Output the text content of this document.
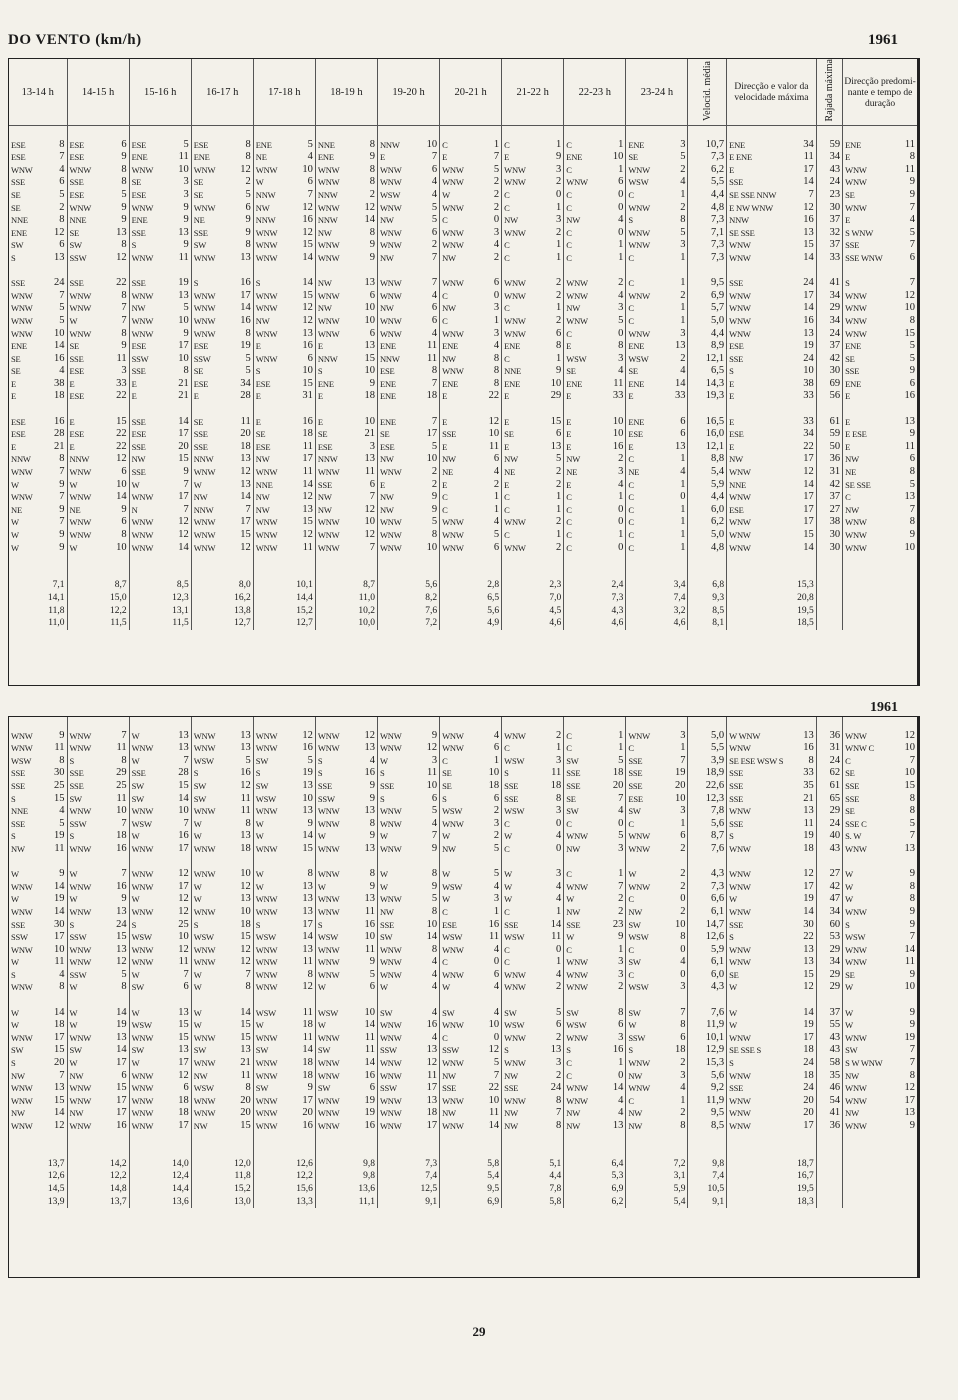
DO VENTO (km/h)	1961
13-14 h	14-15 h	15-16 h	16-17 h	17-18 h	18-19 h	19-20 h	20-21 h	21-22 h	22-23 h	23-24 h	Velocid. média	Direcção e valor da velocidade máxima	Rajada máxima	Direcção predomi- nante e tempo de duração

ESE 8	ESE 6	ESE 5	ESE 8	ENE 5	NNE 8	NNW 10	C 1	C 1	C 1	ENE 3	10,7	ENE 34	59	ENE 11

ESE 7	ESE 9	ENE 11	ENE 8	NE 4	ENE 9	E 7	E 7	E 9	ENE 10	SE 5	7,3	E ENE 11	34	E 8

WNW 4	WNW 8	WNW 10	WNW 12	WNW 10	WNW 8	WNW 6	WNW 5	WNW 3	C 1	WNW 2	6,2	E 17	43	WNW 11

SSE 6	SSE 8	SE 3	SE 2	W 6	WNW 8	WNW 4	WNW 2	WNW 2	WNW 6	WSW 4	5,5	SSE 14	24	WNW 9

SE 5	ESE 5	ESE 3	SE 5	NNW 7	NNW 2	WSW 4	W 2	C 0	C 0	C 1	4,4	SE SSE NNW 7	23	SE 9

SE 2	WNW 9	WNW 9	WNW 6	NW 12	WNW 12	WNW 5	WNW 2	C 1	C 0	WNW 2	4,8	E NW WNW 12	30	WNW 7

NNE 8	NNE 9	ENE 9	NE 9	NNW 16	NNW 14	NW 5	C 0	NW 3	NW 4	S 8	7,3	NNW 16	37	E 4

ENE 12	SE 13	SSE 13	SSE 9	WNW 12	NW 8	WNW 6	WNW 3	WNW 2	C 0	WNW 5	7,1	SE SSE 13	32	S WNW 5

SW 6	SW 8	S 9	SW 8	WNW 15	WNW 9	WNW 2	WNW 4	C 1	C 1	WNW 3	7,3	WNW 15	37	SSE 7

S 13	SSW 12	WNW 11	WNW 13	WNW 14	WNW 9	NW 7	NW 2	C 1	C 1	C 1	7,3	WNW 14	33	SSE WNW 6

SSE 24	SSE 22	SSE 19	S 16	S 14	NW 13	WNW 7	WNW 6	WNW 2	WNW 2	C 1	9,5	SSE 24	41	S 7

WNW 7	WNW 8	WNW 13	WNW 17	WNW 15	WNW 6	WNW 4	C 0	WNW 2	WNW 4	WNW 2	6,9	WNW 17	34	WNW 12

WNW 5	WNW 7	NW 5	WNW 14	WNW 12	NW 10	NW 6	NW 3	C 1	NW 3	C 1	5,7	WNW 14	29	WNW 10

WNW 5	W 7	WNW 10	WNW 16	NW 12	WNW 10	WNW 6	C 1	WNW 2	WNW 5	C 1	5,0	WNW 16	34	WNW 8

WNW 10	WNW 8	WNW 9	WNW 8	WNW 13	WNW 6	WNW 4	WNW 3	WNW 6	C 0	WNW 3	4,4	WNW 13	24	WNW 15

ENE 14	SE 9	ESE 17	ESE 19	E 16	E 13	ENE 11	ENE 4	ENE 8	E 8	ENE 13	8,9	ESE 19	37	ENE 5

SE 16	SSE 11	SSW 10	SSW 5	WNW 6	NNW 15	NNW 11	NW 8	C 1	WSW 3	WSW 2	12,1	SSE 24	42	SE 5

SE 4	ESE 3	SSE 8	SE 5	S 10	S 10	ESE 8	WNW 8	NNE 9	SE 4	SE 4	6,5	S 10	30	SSE 9

E 38	E 33	E 21	ESE 34	ESE 15	ENE 9	ENE 7	ENE 8	ENE 10	ENE 11	ENE 14	14,3	E 38	69	ENE 6

E 18	ESE 22	E 21	E 28	E 31	E 18	ENE 18	E 22	E 29	E 33	E 33	19,3	E 33	56	E 16

ESE 16	E 15	SSE 14	SE 11	E 16	E 10	ENE 7	E 12	E 15	E 10	ENE 6	16,5	E 33	61	E 13

ESE 28	ESE 22	ESE 17	SSE 20	SE 18	SE 21	SE 17	SSE 10	SE 6	E 10	ESE 6	16,0	ESE 34	59	E ESE 9

E 21	E 22	SSE 20	SSE 18	ESE 11	ESE 3	ESE 5	E 11	E 13	E 16	E 13	12,1	E 22	50	E 11

NNW 8	NNW 12	NW 15	NNW 13	NW 17	NNW 13	NW 10	NW 6	NW 5	NW 2	C 1	8,8	NW 17	36	NW 6

WNW 7	WNW 6	SSE 9	WNW 12	WNW 11	WNW 11	WNW 2	NE 4	NE 2	NE 3	NE 4	5,4	WNW 12	31	NE 8

W 9	W 10	W 7	W 13	NNE 14	SSE 6	E 2	E 2	E 2	E 4	C 1	5,9	NNE 14	42	SE SSE 5

WNW 7	WNW 14	WNW 17	NW 14	NW 12	NW 7	NW 9	C 1	C 1	C 1	C 0	4,4	WNW 17	37	C 13

NE 9	NE 9	N 7	NNW 7	NW 13	NW 12	NW 9	C 1	C 1	C 0	C 1	6,0	ESE 17	27	NW 7

W 7	WNW 6	WNW 12	WNW 17	WNW 15	WNW 10	WNW 5	WNW 4	WNW 2	C 0	C 1	6,2	WNW 17	38	WNW 8

W 9	WNW 8	WNW 12	WNW 15	WNW 12	WNW 12	WNW 8	WNW 5	C 1	C 1	C 1	5,0	WNW 15	30	WNW 9

W 9	W 10	WNW 14	WNW 12	WNW 11	WNW 7	WNW 10	WNW 6	WNW 2	C 0	C 1	4,8	WNW 14	30	WNW 10

7,1	8,7	8,5	8,0	10,1	8,7	5,6	2,8	2,3	2,4	3,4	6,8	15,3		
14,1	15,0	12,3	16,2	14,4	11,0	8,2	6,5	7,0	7,3	7,4	9,3	20,8		
11,8	12,2	13,1	13,8	15,2	10,2	7,6	5,6	4,5	4,3	3,2	8,5	19,5		
11,0	11,5	11,5	12,7	12,7	10,0	7,2	4,9	4,6	4,6	4,6	8,1	18,5		
1961

WNW 9	WNW 7	W 13	WNW 13	WNW 12	WNW 12	WNW 9	WNW 4	WNW 2	C 1	WNW 3	5,0	W WNW 13	36	WNW 12

WNW 11	WNW 11	WNW 13	WNW 13	WNW 16	WNW 13	WNW 12	WNW 6	C 1	C 1	C 1	5,5	WNW 16	31	WNW C 10

WSW 8	S 8	W 7	WSW 5	SW 5	S 4	W 3	C 1	WSW 3	SW 5	SSE 7	3,9	SE ESE WSW S 8	24	C 7

SSE 30	SSE 29	SSE 28	S 16	S 19	S 16	S 11	SE 10	S 11	SSE 18	SSE 19	18,9	SSE 33	62	SE 10

SSE 25	SSE 25	SW 15	SW 12	SW 13	SSE 9	SSE 10	SE 18	SSE 18	SSE 20	SSE 20	22,6	SSE 35	61	SSE 15

S 15	SW 11	SW 14	SW 11	WSW 10	SSW 9	S 6	S 6	SSE 8	SE 7	ESE 10	12,3	SSE 21	65	SSE 8

NNE 4	WNW 10	WNW 10	WNW 11	WNW 13	WNW 13	WNW 5	WSW 2	WSW 3	SW 4	SW 3	7,8	WNW 13	29	SE 8

SSE 5	SSW 7	WSW 7	W 8	W 9	WNW 8	WNW 4	WNW 3	C 0	C 0	C 1	5,6	SSE 11	24	SSE C 5

S 19	S 18	W 16	W 13	W 14	W 9	W 7	W 2	W 4	WNW 5	WNW 6	8,7	S 19	40	S. W 7

NW 11	WNW 16	WNW 17	WNW 18	WNW 15	WNW 13	WNW 9	NW 5	C 0	NW 3	WNW 2	7,6	WNW 18	43	WNW 13

W 9	W 7	WNW 12	WNW 10	W 8	WNW 8	W 8	W 5	W 3	C 1	W 2	4,3	WNW 12	27	W 9

WNW 14	WNW 16	WNW 17	W 12	W 13	W 9	W 9	WSW 4	W 4	WNW 7	WNW 2	7,3	WNW 17	42	W 8

W 19	W 9	W 12	W 13	WNW 13	WNW 13	WNW 5	W 3	W 4	W 2	C 0	6,6	W 19	47	W 8

WNW 14	WNW 13	WNW 12	WNW 10	WNW 13	WNW 11	NW 8	C 1	C 1	NW 2	NW 2	6,1	WNW 14	34	WNW 9

SSE 30	S 24	S 25	S 18	S 17	S 16	SSE 10	ESE 16	SSE 14	SSE 23	SW 10	14,7	SSE 30	60	S 9

SSW 17	SSW 15	WSW 10	WSW 15	WSW 14	WSW 10	SW 14	WSW 11	WSW 11	W 9	WSW 8	12,6	S 22	53	WSW 7

WNW 10	WNW 13	WNW 12	WNW 12	WNW 13	WNW 11	WNW 8	WNW 4	C 0	C 1	C 0	5,9	WNW 13	29	WNW 14

W 11	WNW 12	WNW 11	WNW 12	WNW 11	WNW 9	WNW 4	C 0	C 1	WNW 3	SW 4	6,1	WNW 13	34	WNW 11

S 4	SSW 5	W 7	W 7	WNW 8	WNW 5	WNW 4	WNW 6	WNW 4	WNW 3	C 0	6,0	SE 15	29	SE 9

WNW 8	W 8	SW 6	W 8	WNW 12	W 6	W 4	W 4	WNW 2	WNW 2	WSW 3	4,3	W 12	29	W 10

W 14	W 14	W 13	W 14	WSW 11	WSW 10	SW 4	SW 4	SW 5	SW 8	SW 7	7,6	W 14	37	W 9

W 18	W 19	WSW 15	W 15	W 18	W 14	WNW 16	WNW 10	WSW 6	WSW 6	W 8	11,9	W 19	55	W 9

WNW 17	WNW 13	WNW 15	WNW 15	WNW 11	WNW 11	WNW 4	C 0	WNW 2	WNW 3	SSW 6	10,1	WNW 17	43	WNW 19

SW 15	SW 14	SW 13	SW 13	SW 14	SW 11	SSW 13	SSW 12	S 13	S 16	S 18	12,9	SE SSE S 18	43	SW 7

S 20	W 17	W 17	WNW 21	WNW 18	WNW 14	WNW 12	WNW 5	WNW 3	C 1	WNW 2	15,3	S 24	58	S W WNW 7

NW 7	NW 6	WNW 12	NW 11	WNW 18	WNW 16	WNW 11	NW 7	NW 2	C 0	NW 3	5,6	WNW 18	35	NW 8

WNW 13	WNW 15	WNW 6	WSW 8	SW 9	SW 6	SSW 17	SSE 22	SSE 24	WNW 14	WNW 4	9,2	SSE 24	46	WNW 12

WNW 15	WNW 17	WNW 18	WNW 20	WNW 17	WNW 19	WNW 13	WNW 10	WNW 8	WNW 4	C 1	11,9	WNW 20	54	WNW 17

NW 14	NW 17	WNW 18	WNW 20	WNW 20	WNW 19	WNW 18	NW 11	NW 7	NW 4	NW 2	9,5	WNW 20	41	NW 13

WNW 12	WNW 16	WNW 17	NW 15	WNW 16	WNW 16	WNW 17	WNW 14	NW 8	NW 13	NW 8	8,5	WNW 17	36	WNW 9

13,7	14,2	14,0	12,0	12,6	9,8	7,3	5,8	5,1	6,4	7,2	9,8	18,7		
12,6	12,2	12,4	11,8	12,2	9,8	7,4	5,4	4,4	5,3	3,1	7,4	16,7		
14,5	14,8	14,4	15,2	15,6	13,6	12,5	9,5	7,8	6,9	5,9	10,5	19,5		
13,9	13,7	13,6	13,0	13,3	11,1	9,1	6,9	5,8	6,2	5,4	9,1	18,3		
29
